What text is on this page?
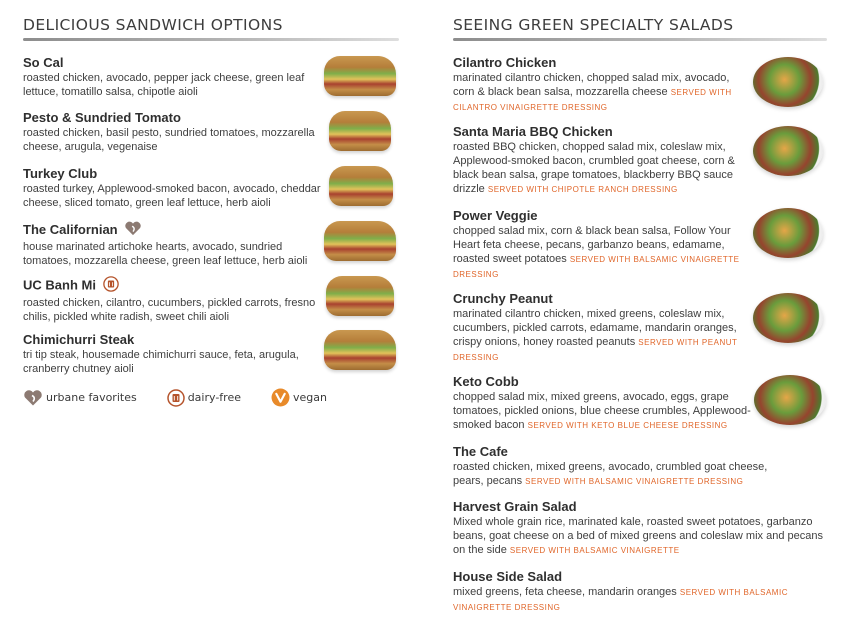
DELICIOUS SANDWICH OPTIONS
So Cal
roasted chicken, avocado, pepper jack cheese, green leaf lettuce, tomatillo salsa, chipotle aioli
Pesto & Sundried Tomato
roasted chicken, basil pesto, sundried tomatoes, mozzarella cheese, arugula, vegenaise
Turkey Club
roasted turkey, Applewood-smoked bacon, avocado, cheddar cheese, sliced tomato, green leaf lettuce, herb aioli
The Californian
house marinated artichoke hearts, avocado, sundried tomatoes, mozzarella cheese, green leaf lettuce, herb aioli
UC Banh Mi
roasted chicken, cilantro, cucumbers, pickled carrots, fresno chilis, pickled white radish, sweet chili aioli
Chimichurri Steak
tri tip steak, housemade chimichurri sauce, feta, arugula, cranberry chutney aioli
urbane favorites	dairy-free	vegan
SEEING GREEN SPECIALTY SALADS
Cilantro Chicken
marinated cilantro chicken, chopped salad mix, avocado, corn & black bean salsa, mozzarella cheese SERVED WITH CILANTRO VINAIGRETTE DRESSING
Santa Maria BBQ Chicken
roasted BBQ chicken, chopped salad mix, coleslaw mix, Applewood-smoked bacon, crumbled goat cheese, corn & black bean salsa, grape tomatoes, blackberry BBQ sauce drizzle SERVED WITH CHIPOTLE RANCH DRESSING
Power Veggie
chopped salad mix, corn & black bean salsa, Follow Your Heart feta cheese, pecans, garbanzo beans, edamame, roasted sweet potatoes SERVED WITH BALSAMIC VINAIGRETTE DRESSING
Crunchy Peanut
marinated cilantro chicken, mixed greens, coleslaw mix, cucumbers, pickled carrots, edamame, mandarin oranges, crispy onions, honey roasted peanuts SERVED WITH PEANUT DRESSING
Keto Cobb
chopped salad mix, mixed greens, avocado, eggs, grape tomatoes, pickled onions, blue cheese crumbles, Applewood-smoked bacon SERVED WITH KETO BLUE CHEESE DRESSING
The Cafe
roasted chicken, mixed greens, avocado, crumbled goat cheese, pears, pecans SERVED WITH BALSAMIC VINAIGRETTE DRESSING
Harvest Grain Salad
Mixed whole grain rice, marinated kale, roasted sweet potatoes, garbanzo beans, goat cheese on a bed of mixed greens and coleslaw mix and pecans on the side SERVED WITH BALSAMIC VINAIGRETTE
House Side Salad
mixed greens, feta cheese, mandarin oranges SERVED WITH BALSAMIC VINAIGRETTE DRESSING
